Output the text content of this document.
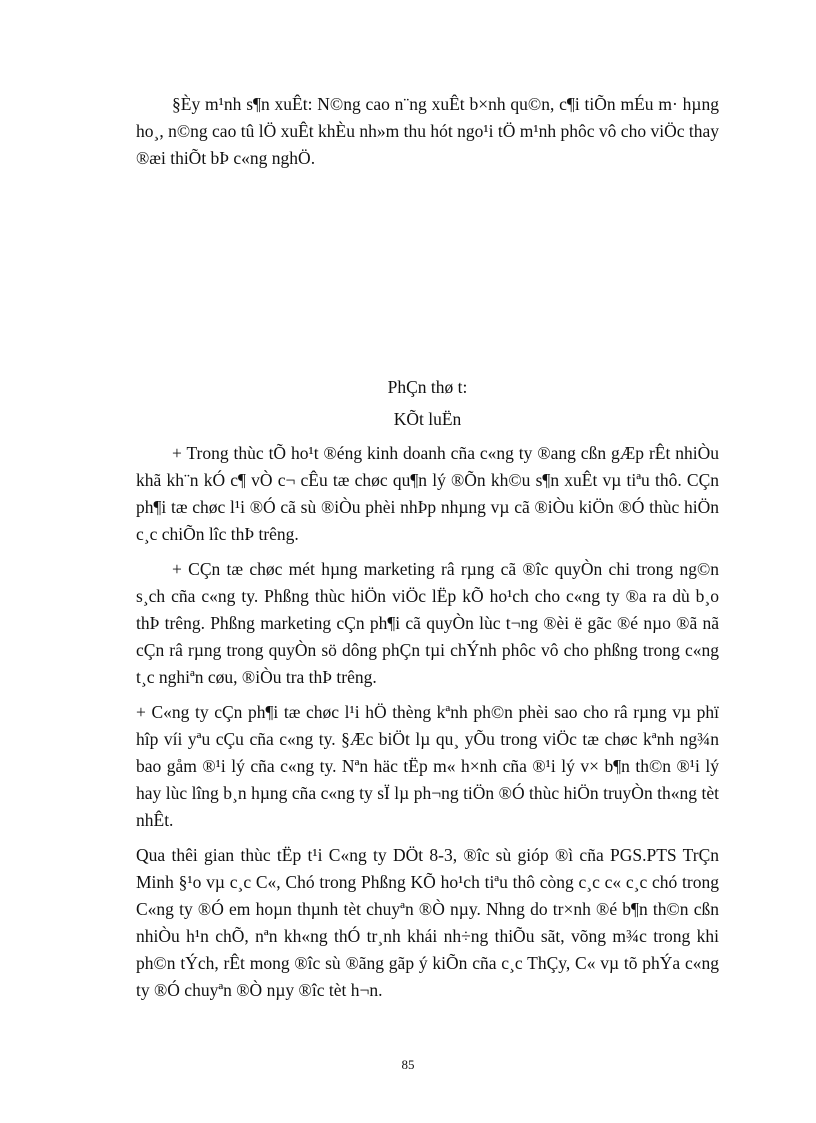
§Èy m¹nh s¶n xuÊt: N©ng cao n¨ng xuÊt b×nh qu©n, c¶i tiÕn mÉu m· hµng ho¸, n©ng cao tû lÖ xuÊt khÈu nh»m thu hót ngo¹i tÖ m¹nh phôc vô cho viÖc thay ®æi thiÕt bÞ c«ng nghÖ.

PhÇn thø t:
KÕt luËn

+ Trong thùc tÕ ho¹t ®éng kinh doanh cña c«ng ty ®ang cßn gÆp rÊt nhiÒu khã kh¨n kÓ c¶ vÒ c¬ cÊu tæ chøc qu¶n lý ®Õn kh©u s¶n xuÊt vµ tiªu thô. CÇn ph¶i tæ chøc l¹i ®Ó cã sù ®iÒu phèi nhÞp nhµng vµ cã ®iÒu kiÖn ®Ó thùc hiÖn c¸c chiÕn lîc thÞ trêng.

+ CÇn tæ chøc mét hµng marketing râ rµng cã ®îc quyÒn chi trong ng©n s¸ch cña c«ng ty. Phßng thùc hiÖn viÖc lËp kÕ ho¹ch cho c«ng ty ®a ra dù b¸o thÞ trêng. Phßng marketing cÇn ph¶i cã quyÒn lùc t¬ng ®èi ë gãc ®é nµo ®ã nã cÇn râ rµng trong quyÒn sö dông phÇn tµi chÝnh phôc vô cho phßng trong c«ng t¸c nghiªn cøu, ®iÒu tra thÞ trêng.

+ C«ng ty cÇn ph¶i tæ chøc l¹i hÖ thèng kªnh ph©n phèi sao cho râ rµng vµ phï hîp víi yªu cÇu cña c«ng ty. §Æc biÖt lµ qu¸ yÕu trong viÖc tæ chøc kªnh ng¾n bao gåm ®¹i lý cña c«ng ty. Nªn häc tËp m« h×nh cña ®¹i lý v× b¶n th©n ®¹i lý hay lùc lîng b¸n hµng cña c«ng ty sÏ lµ ph¬ng tiÖn ®Ó thùc hiÖn truyÒn th«ng tèt nhÊt.

Qua thêi gian thùc tËp t¹i C«ng ty DÖt 8-3, ®îc sù gióp ®ì cña PGS.PTS TrÇn Minh §¹o vµ c¸c C«, Chó trong Phßng KÕ ho¹ch tiªu thô còng c¸c c« c¸c chó trong C«ng ty ®Ó em hoµn thµnh tèt chuyªn ®Ò nµy. Nhng do tr×nh ®é b¶n th©n cßn nhiÒu h¹n chÕ, nªn kh«ng thÓ tr¸nh khái nh÷ng thiÕu sãt, võng m¾c trong khi ph©n tÝch, rÊt mong ®îc sù ®ãng gãp ý kiÕn cña c¸c ThÇy, C« vµ tõ phÝa c«ng ty ®Ó chuyªn ®Ò nµy ®îc tèt h¬n.

85
